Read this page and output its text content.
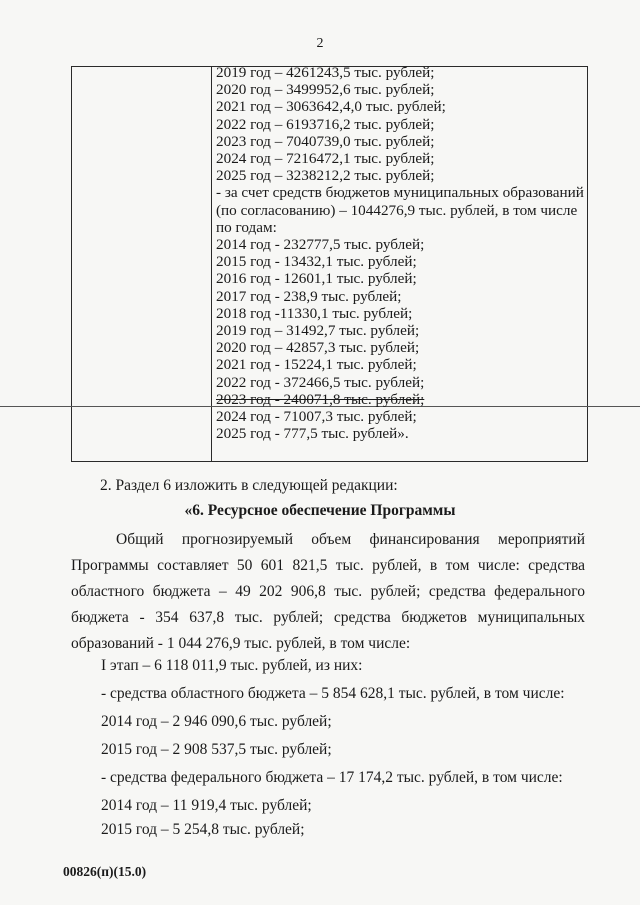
2
2019 год – 4261243,5 тыс. рублей;
2020 год – 3499952,6 тыс. рублей;
2021 год – 3063642,4,0 тыс. рублей;
2022 год – 6193716,2 тыс. рублей;
2023 год – 7040739,0 тыс. рублей;
2024 год – 7216472,1 тыс. рублей;
2025 год – 3238212,2 тыс. рублей;
- за счет средств бюджетов муниципальных образований (по согласованию) – 1044276,9 тыс. рублей, в том числе по годам:
2014 год - 232777,5 тыс. рублей;
2015 год - 13432,1 тыс. рублей;
2016 год - 12601,1 тыс. рублей;
2017 год - 238,9 тыс. рублей;
2018 год -11330,1 тыс. рублей;
2019 год – 31492,7 тыс. рублей;
2020 год – 42857,3 тыс. рублей;
2021 год - 15224,1 тыс. рублей;
2022 год - 372466,5 тыс. рублей;
2023 год - 240071,8 тыс. рублей;
2024 год - 71007,3 тыс. рублей;
2025 год - 777,5 тыс. рублей».
2. Раздел 6 изложить в следующей редакции:
«6. Ресурсное обеспечение Программы
Общий прогнозируемый объем финансирования мероприятий Программы составляет 50 601 821,5 тыс. рублей, в том числе: средства областного бюджета – 49 202 906,8 тыс. рублей; средства федерального бюджета - 354 637,8 тыс. рублей; средства бюджетов муниципальных образований - 1 044 276,9 тыс. рублей, в том числе:
I этап – 6 118 011,9 тыс. рублей, из них:
- средства областного бюджета – 5 854 628,1 тыс. рублей, в том числе:
2014 год – 2 946 090,6 тыс. рублей;
2015 год – 2 908 537,5 тыс. рублей;
- средства федерального бюджета – 17 174,2 тыс. рублей, в том числе:
2014 год – 11 919,4 тыс. рублей;
2015 год – 5 254,8 тыс. рублей;
00826(п)(15.0)
